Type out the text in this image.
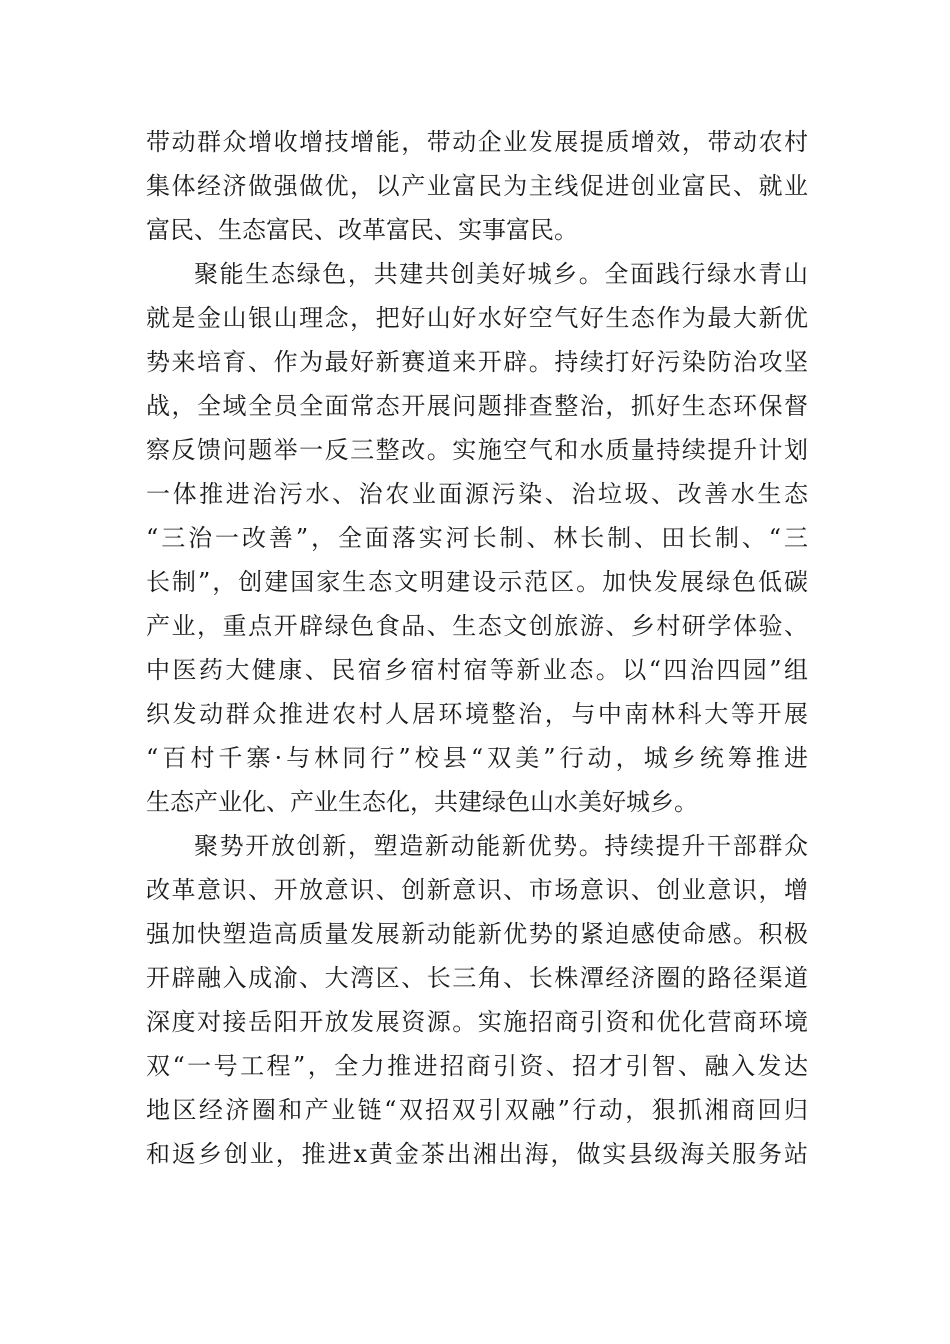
带动群众增收增技增能，带动企业发展提质增效，带动农村
集体经济做强做优，以产业富民为主线促进创业富民、就业
富民、生态富民、改革富民、实事富民。
聚能生态绿色，共建共创美好城乡。全面践行绿水青山
就是金山银山理念，把好山好水好空气好生态作为最大新优
势来培育、作为最好新赛道来开辟。持续打好污染防治攻坚
战，全域全员全面常态开展问题排查整治，抓好生态环保督
察反馈问题举一反三整改。实施空气和水质量持续提升计划
一体推进治污水、治农业面源污染、治垃圾、改善水生态
“三治一改善”，全面落实河长制、林长制、田长制、“三
长制”，创建国家生态文明建设示范区。加快发展绿色低碳
产业，重点开辟绿色食品、生态文创旅游、乡村研学体验、
中医药大健康、民宿乡宿村宿等新业态。以“四治四园”组
织发动群众推进农村人居环境整治，与中南林科大等开展
“百村千寨·与林同行”校县“双美”行动，城乡统筹推进
生态产业化、产业生态化，共建绿色山水美好城乡。
聚势开放创新，塑造新动能新优势。持续提升干部群众
改革意识、开放意识、创新意识、市场意识、创业意识，增
强加快塑造高质量发展新动能新优势的紧迫感使命感。积极
开辟融入成渝、大湾区、长三角、长株潭经济圈的路径渠道
深度对接岳阳开放发展资源。实施招商引资和优化营商环境
双“一号工程”，全力推进招商引资、招才引智、融入发达
地区经济圈和产业链“双招双引双融”行动，狠抓湘商回归
和返乡创业，推进x黄金茶出湘出海，做实县级海关服务站
